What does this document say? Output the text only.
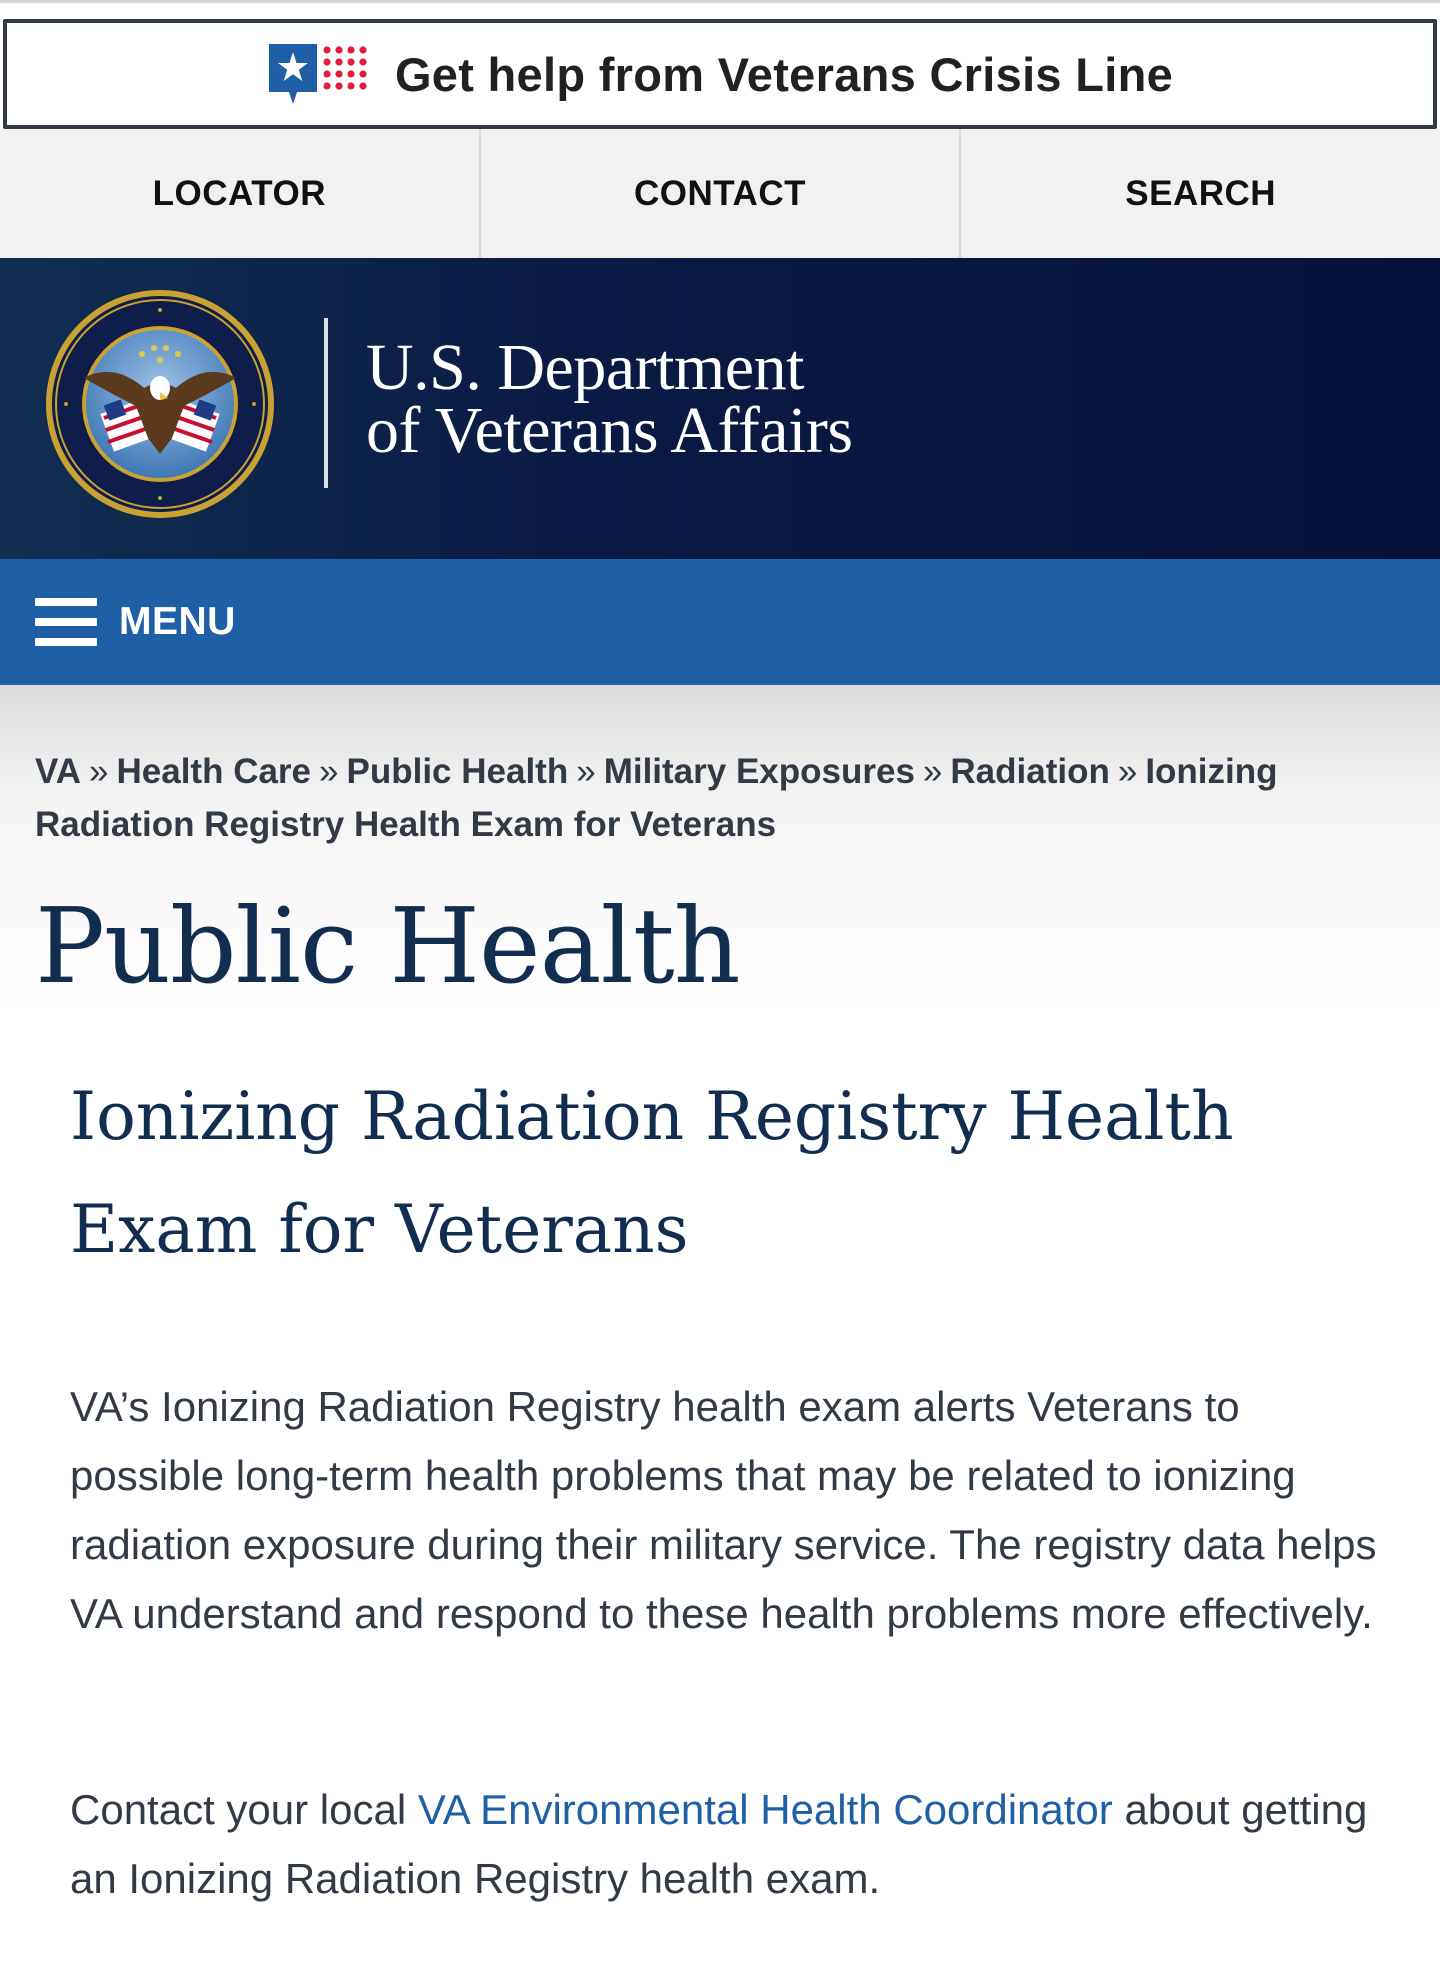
Get help from Veterans Crisis Line
LOCATOR	CONTACT	SEARCH
U.S. Department
of Veterans Affairs
MENU
VA » Health Care » Public Health » Military Exposures » Radiation » Ionizing Radiation Registry Health Exam for Veterans
Public Health
Ionizing Radiation Registry Health Exam for Veterans

VA’s Ionizing Radiation Registry health exam alerts Veterans to possible long-term health problems that may be related to ionizing radiation exposure during their military service. The registry data helps VA understand and respond to these health problems more effectively.

Contact your local VA Environmental Health Coordinator about getting an Ionizing Radiation Registry health exam.
